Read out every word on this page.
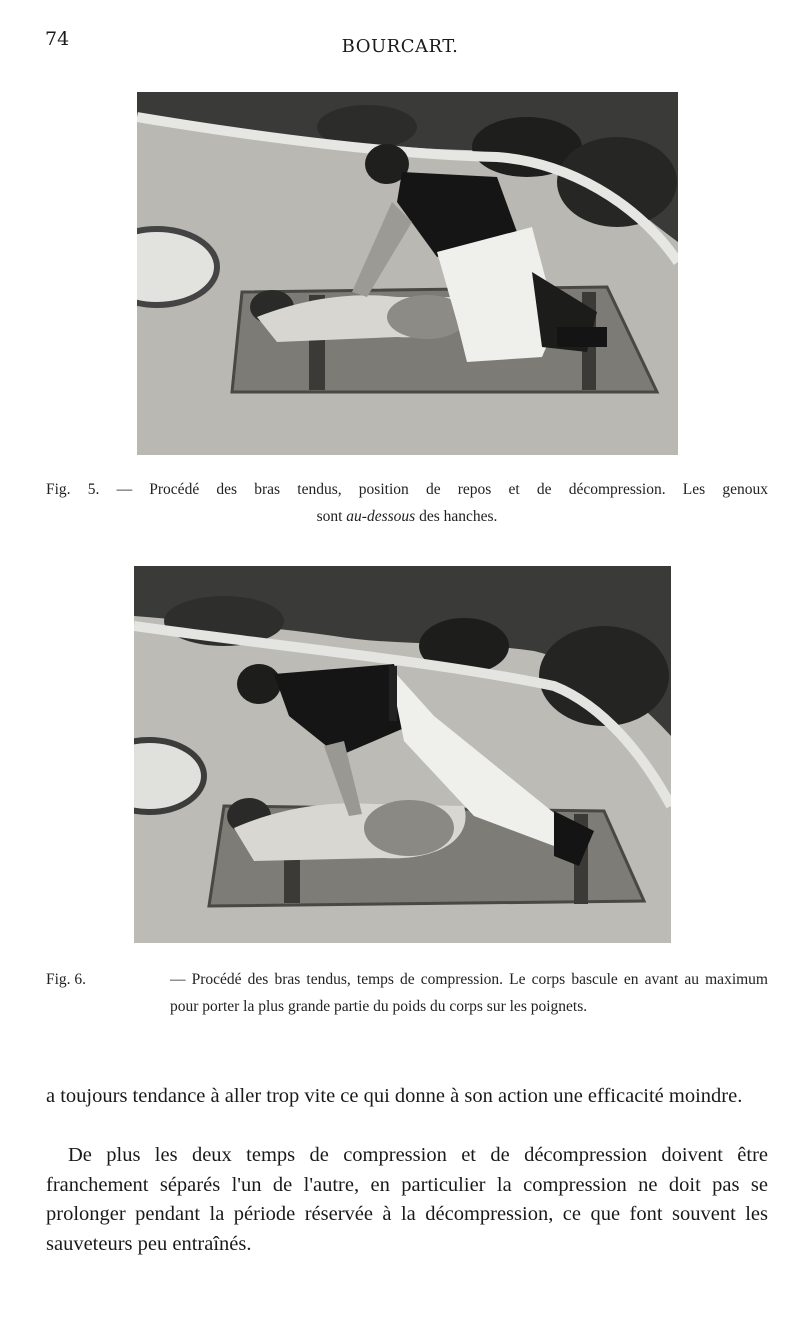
74	BOURCART.
Fig. 5. — Procédé des bras tendus, position de repos et de décompression. Les genoux
sont au-dessous des hanches.
Fig. 6.	— Procédé des bras tendus, temps de compression. Le corps bascule en avant au maximum pour porter la plus grande partie du poids du corps sur les poignets.
a toujours tendance à aller trop vite ce qui donne à son action une efficacité moindre.
De plus les deux temps de compression et de décompression doivent être franchement séparés l'un de l'autre, en particulier la compression ne doit pas se prolonger pendant la période réservée à la décompression, ce que font souvent les sauveteurs peu entraînés.
